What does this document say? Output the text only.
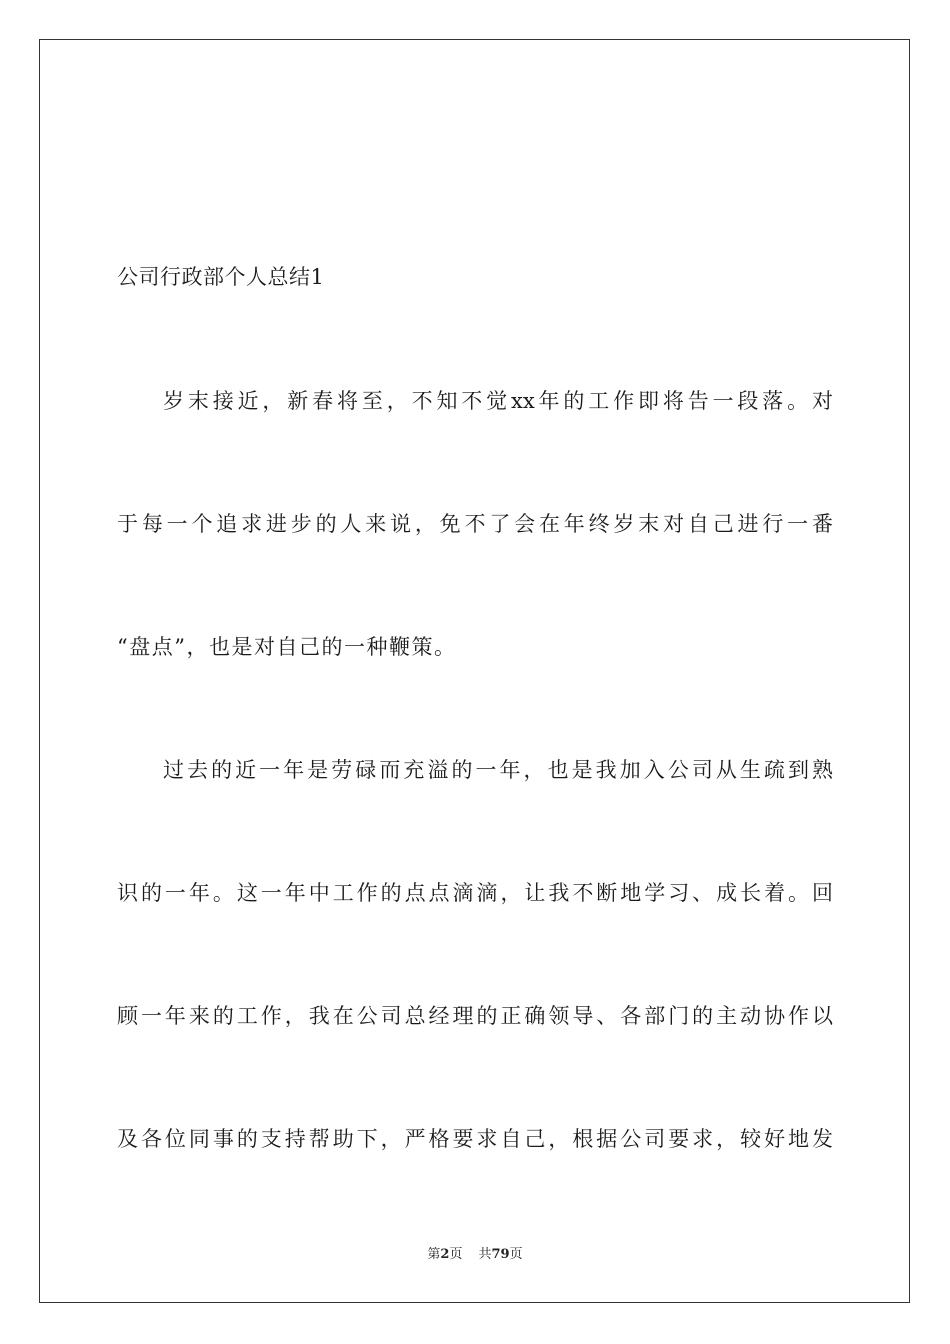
公司行政部个人总结1
岁末接近，新春将至，不知不觉xx年的工作即将告一段落。对
于每一个追求进步的人来说，免不了会在年终岁末对自己进行一番
“盘点”，也是对自己的一种鞭策。
过去的近一年是劳碌而充溢的一年，也是我加入公司从生疏到熟
识的一年。这一年中工作的点点滴滴，让我不断地学习、成长着。回
顾一年来的工作，我在公司总经理的正确领导、各部门的主动协作以
及各位同事的支持帮助下，严格要求自己，根据公司要求，较好地发
第2页 共79页
